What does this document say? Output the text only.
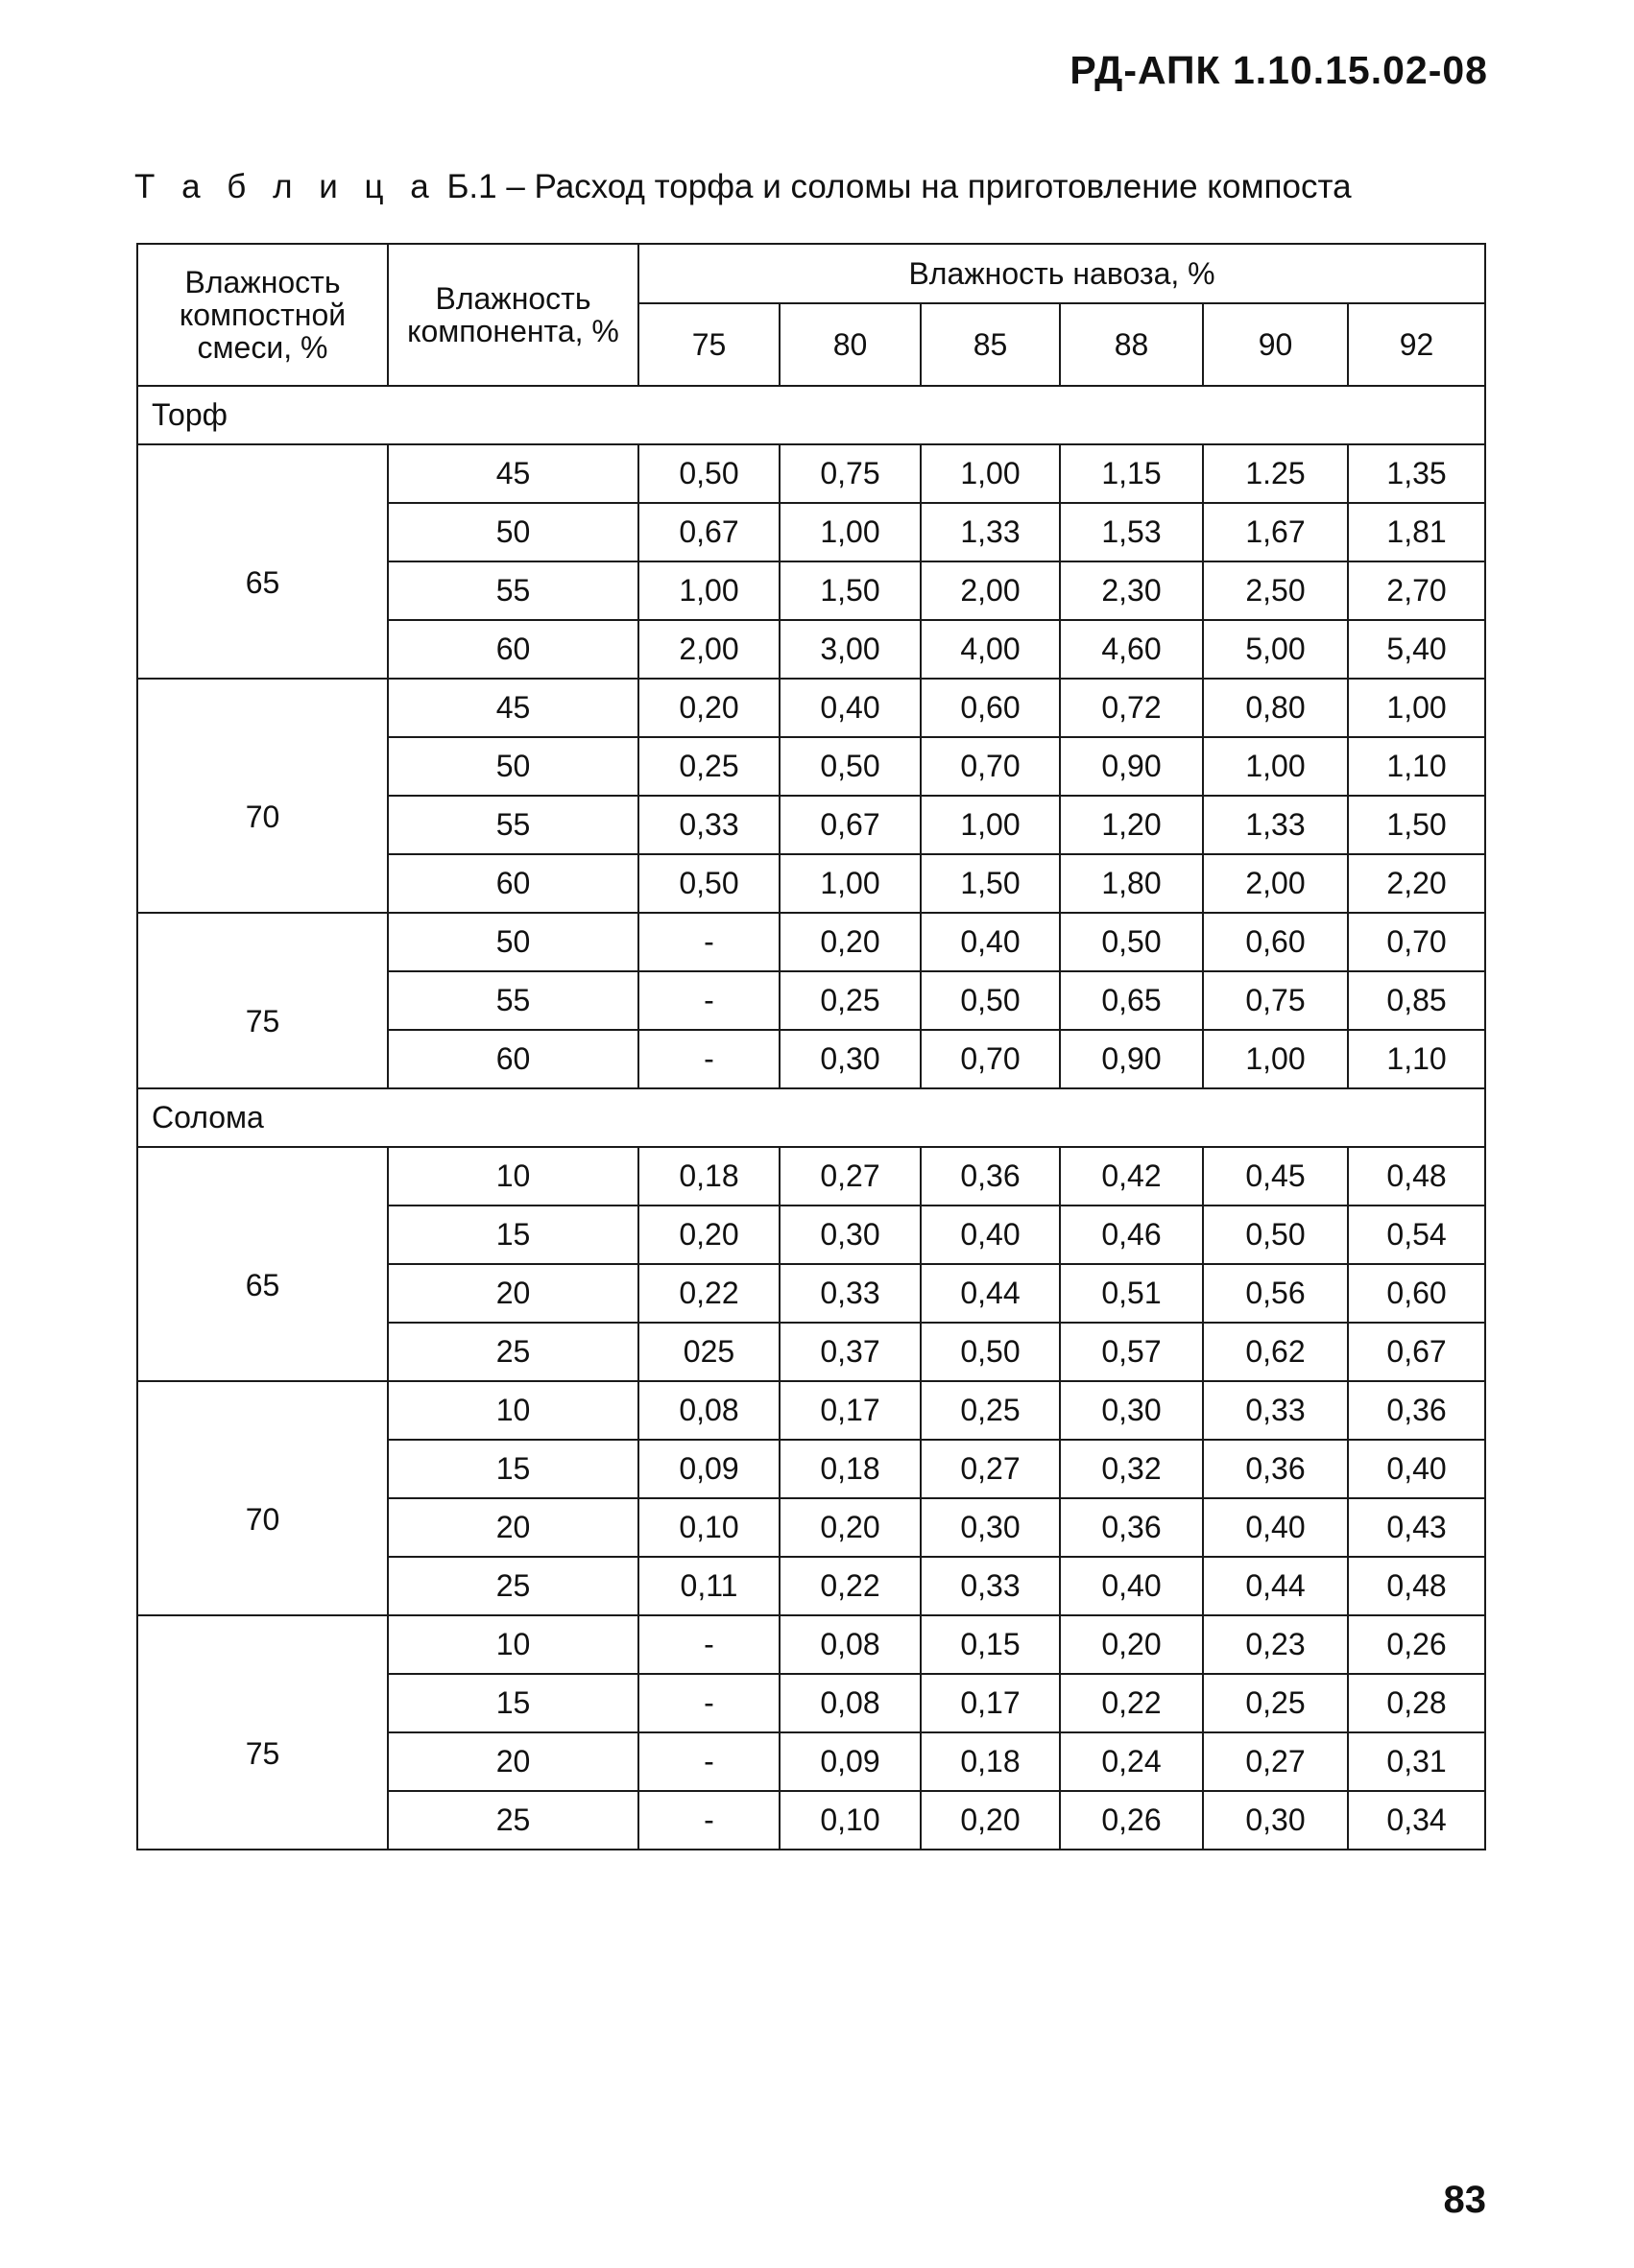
РД-АПК 1.10.15.02-08

Т а б л и ц а Б.1 – Расход торфа и соломы на приготовление компоста

Влажность компостной смеси, %	Влажность компонента, %	Влажность навоза, %					
		75	80	85	88	90	92
Торф							
65	45	0,50	0,75	1,00	1,15	1.25	1,35
	50	0,67	1,00	1,33	1,53	1,67	1,81
	55	1,00	1,50	2,00	2,30	2,50	2,70
	60	2,00	3,00	4,00	4,60	5,00	5,40
70	45	0,20	0,40	0,60	0,72	0,80	1,00
	50	0,25	0,50	0,70	0,90	1,00	1,10
	55	0,33	0,67	1,00	1,20	1,33	1,50
	60	0,50	1,00	1,50	1,80	2,00	2,20
75	50	-	0,20	0,40	0,50	0,60	0,70
	55	-	0,25	0,50	0,65	0,75	0,85
	60	-	0,30	0,70	0,90	1,00	1,10
Солома							
65	10	0,18	0,27	0,36	0,42	0,45	0,48
	15	0,20	0,30	0,40	0,46	0,50	0,54
	20	0,22	0,33	0,44	0,51	0,56	0,60
	25	025	0,37	0,50	0,57	0,62	0,67
70	10	0,08	0,17	0,25	0,30	0,33	0,36
	15	0,09	0,18	0,27	0,32	0,36	0,40
	20	0,10	0,20	0,30	0,36	0,40	0,43
	25	0,11	0,22	0,33	0,40	0,44	0,48
75	10	-	0,08	0,15	0,20	0,23	0,26
	15	-	0,08	0,17	0,22	0,25	0,28
	20	-	0,09	0,18	0,24	0,27	0,31
	25	-	0,10	0,20	0,26	0,30	0,34

83
